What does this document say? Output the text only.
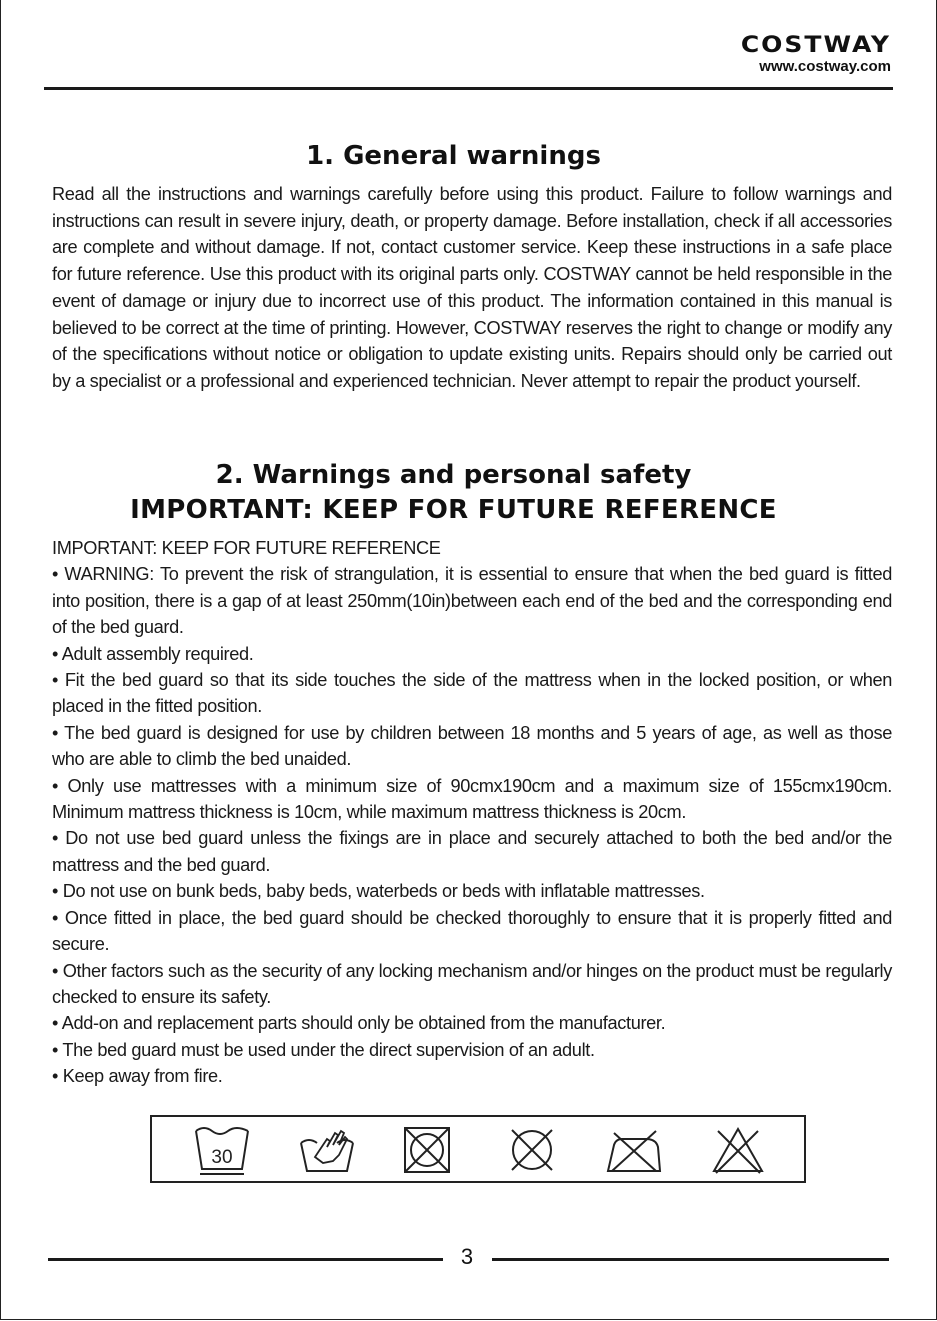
COSTWAY
www.costway.com
1. General warnings

Read all the instructions and warnings carefully before using this product. Failure to follow warnings and instructions can result in severe injury, death, or property damage. Before installation, check if all accessories are complete and without damage. If not, contact customer service. Keep these instructions in a safe place for future reference. Use this product with its original parts only. COSTWAY cannot be held responsible in the event of damage or injury due to incorrect use of this product. The information contained in this manual is believed to be correct at the time of printing. However, COSTWAY reserves the right to change or modify any of the specifications without notice or obligation to update existing units. Repairs should only be carried out by a specialist or a professional and experienced technician. Never attempt to repair the product yourself.

2. Warnings and personal safety
IMPORTANT: KEEP FOR FUTURE REFERENCE

IMPORTANT: KEEP FOR FUTURE REFERENCE

• WARNING: To prevent the risk of strangulation, it is essential to ensure that when the bed guard is fitted into position, there is a gap of at least 250mm(10in)between each end of the bed and the corresponding end of the bed guard.

• Adult assembly required.

• Fit the bed guard so that its side touches the side of the mattress when in the locked position, or when placed in the fitted position.

• The bed guard is designed for use by children between 18 months and 5 years of age, as well as those who are able to climb the bed unaided.

• Only use mattresses with a minimum size of 90cmx190cm and a maximum size of 155cmx190cm. Minimum mattress thickness is 10cm, while maximum mattress thickness is 20cm.

• Do not use bed guard unless the fixings are in place and securely attached to both the bed and/or the mattress and the bed guard.

• Do not use on bunk beds, baby beds, waterbeds or beds with inflatable mattresses.

• Once fitted in place, the bed guard should be checked thoroughly to ensure that it is properly fitted and secure.

• Other factors such as the security of any locking mechanism and/or hinges on the product must be regularly checked to ensure its safety.

• Add-on and replacement parts should only be obtained from the manufacturer.

• The bed guard must be used under the direct supervision of an adult.

• Keep away from fire.

30
3
